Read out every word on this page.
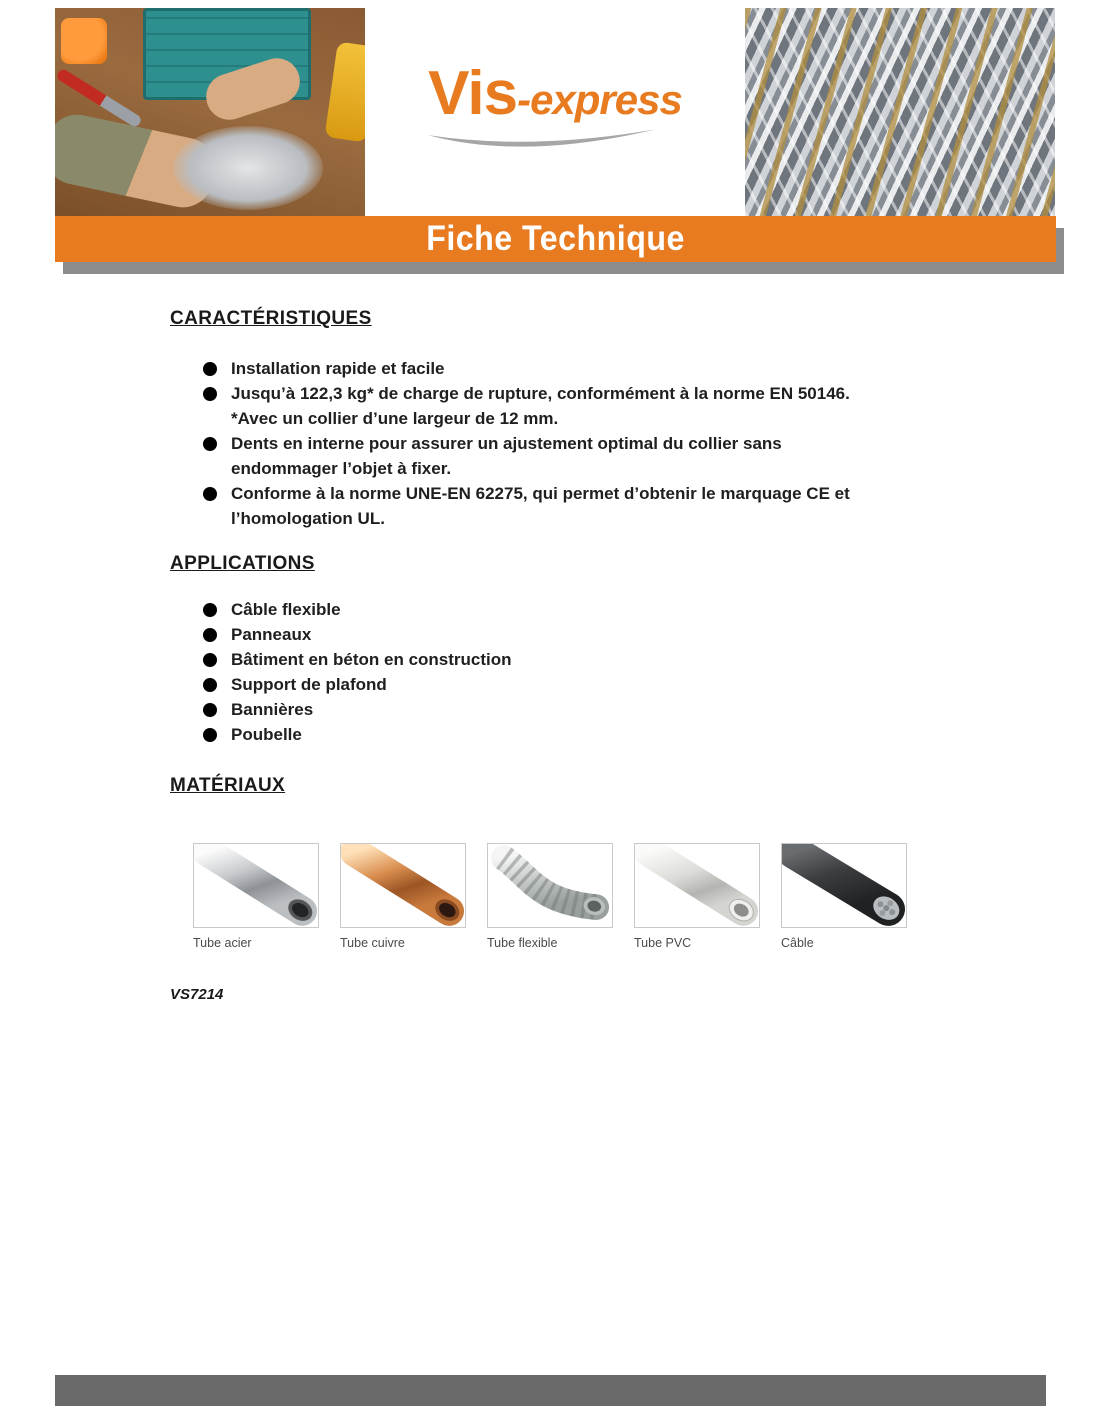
Vis-express
Fiche Technique
CARACTÉRISTIQUES
Installation rapide et facile
Jusqu’à 122,3 kg* de charge de rupture, conformément à la norme EN 50146.
*Avec un collier d’une largeur de 12 mm.
Dents en interne pour assurer un ajustement optimal du collier sans
endommager l’objet à fixer.
Conforme à la norme UNE-EN 62275, qui permet d’obtenir le marquage CE et
l’homologation UL.
APPLICATIONS
Câble flexible
Panneaux
Bâtiment en béton en construction
Support de plafond
Bannières
Poubelle
MATÉRIAUX
Tube acier	Tube cuivre	Tube flexible	Tube PVC	Câble
VS7214
